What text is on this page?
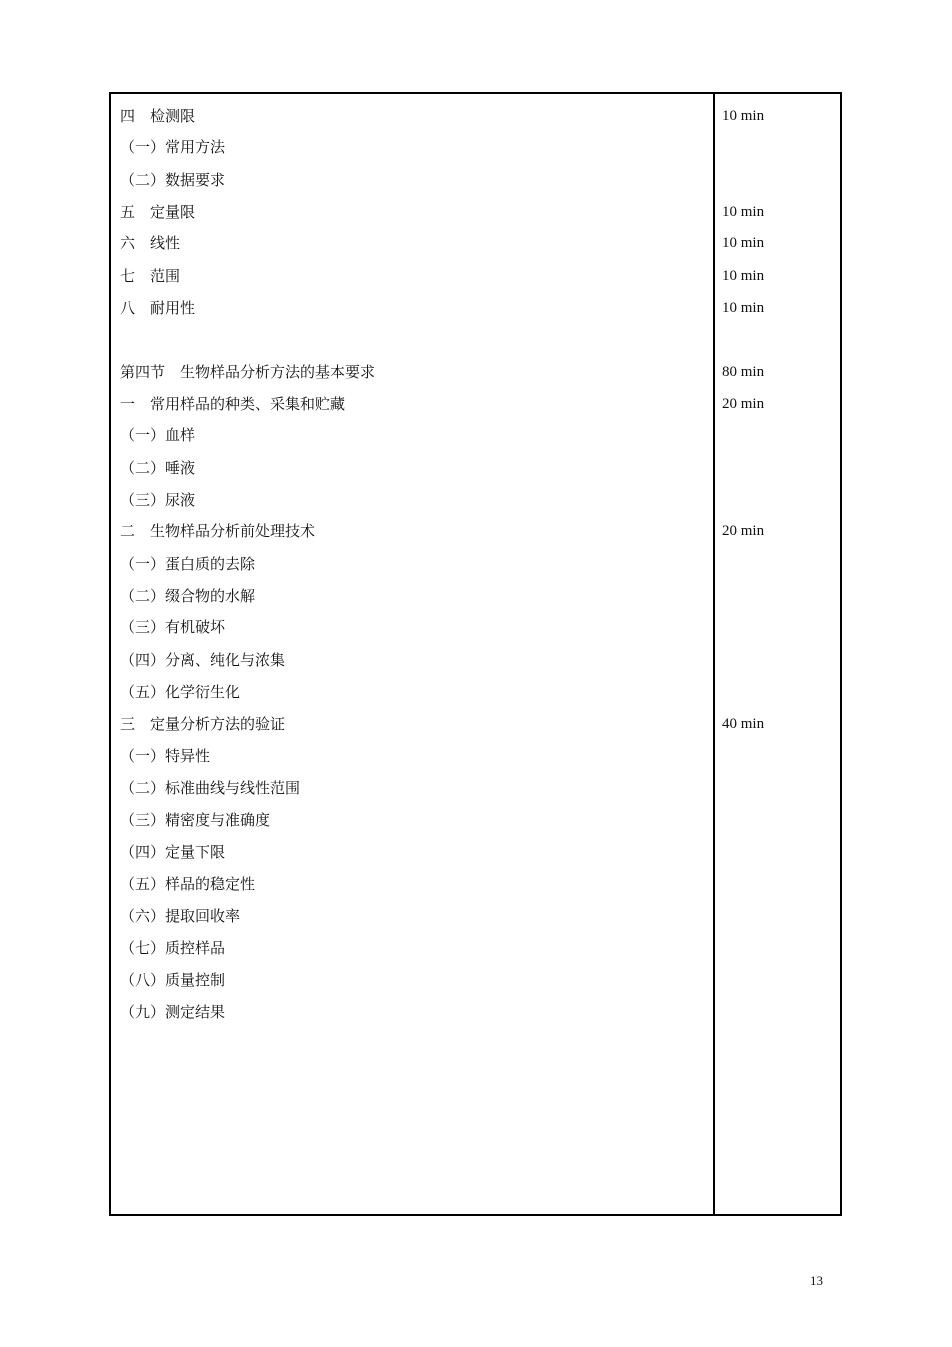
四　检测限	10 min
（一）常用方法
（二）数据要求
五　定量限	10 min
六　线性	10 min
七　范围	10 min
八　耐用性	10 min
第四节　生物样品分析方法的基本要求	80 min
一　常用样品的种类、采集和贮藏	20 min
（一）血样
（二）唾液
（三）尿液
二　生物样品分析前处理技术	20 min
（一）蛋白质的去除
（二）缀合物的水解
（三）有机破坏
（四）分离、纯化与浓集
（五）化学衍生化
三　定量分析方法的验证	40 min
（一）特异性
（二）标准曲线与线性范围
（三）精密度与准确度
（四）定量下限
（五）样品的稳定性
（六）提取回收率
（七）质控样品
（八）质量控制
（九）测定结果
13
